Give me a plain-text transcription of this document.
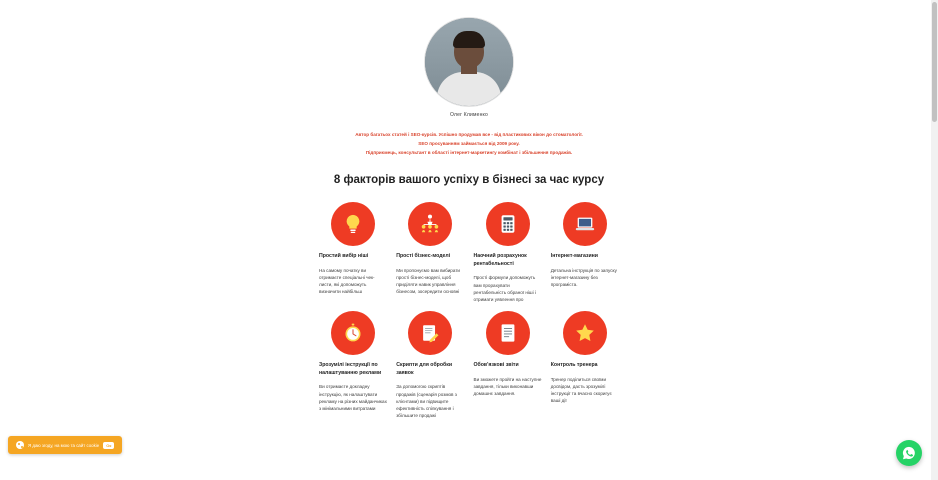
Олег Клименко
Автор багатьох статей і SEO-курсів. Успішно продумав все - від пластикових вікон до стоматології.
SEO просуванням займається від 2009 року.
Підприємець, консультант в області інтернет-маркетингу комбінат і збільшення продажів.
8 факторів вашого успіху в бізнесі за час курсу
Простий вибір ніші
На самому початку ви отримаєте спеціальні чек-листи, які допоможуть визначити найбільш
Прості бізнес-моделі
Ми пропонуємо вам вибирати прості бізнес-моделі, щоб приділяти навик управління бізнесом, зосередити основні
Наочний розрахунок рентабельності
Прості формули допоможуть вам прорахувати рентабельність обраної ніші і отримати уявлення про
Інтернет-магазини
Детальна інструкція по запуску інтернет-магазину без програміста.
Зрозумілі інструкції по налаштуванню реклами
Ви отримаєте докладну інструкцію, як налаштувати рекламу на різних майданчиках з мінімальними витратами
Скрипти для обробки заявок
За допомогою скриптів продажів (сценарія розмов з клієнтами) ви підвищите ефективність спілкування і збільшите продажі
Обов'язкові звіти
Ви зможете пройти на наступне завдання, тільки виконавши домашнє завдання.
Контроль тренера
Тренер поділиться своїми досвідом, дасть зрозумілі інструкції та вчасно скоригує ваші дії
Я даю згоду, на мою та сайт cookie	Ок
